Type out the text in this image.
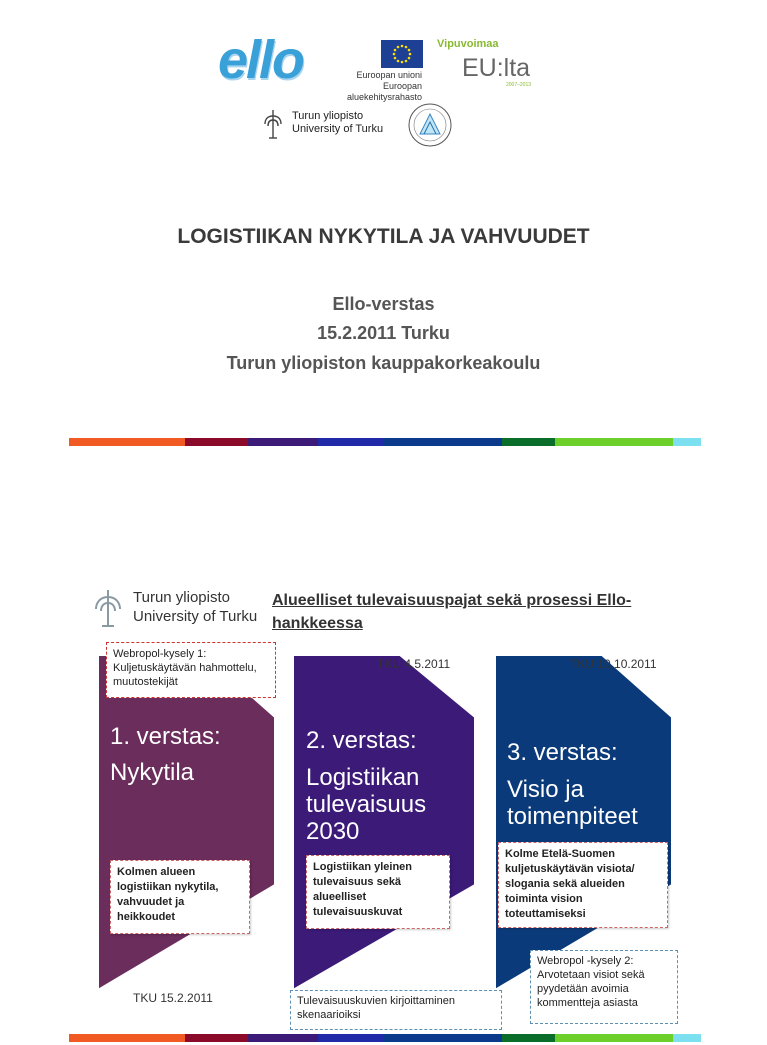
ello	Euroopan unioni
Euroopan aluekehitysrahasto
Vipuvoimaa
EU:lta
2007–2013
Turun yliopisto
University of Turku
LOGISTIIKAN NYKYTILA JA VAHVUUDET
Ello-verstas
15.2.2011 Turku
Turun yliopiston kauppakorkeakoulu
Turun yliopisto
University of Turku
Alueelliset tulevaisuuspajat sekä prosessi Ello-hankkeessa
1. verstas:
Nykytila
2. verstas:
Logistiikan tulevaisuus 2030
3. verstas:
Visio ja toimenpiteet
TKU 4.5.2011	TKU 10.10.2011
TKU 15.2.2011
Webropol-kysely 1: Kuljetuskäytävän hahmottelu, muutostekijät
Kolmen alueen logistiikan nykytila, vahvuudet ja heikkoudet
Logistiikan yleinen tulevaisuus sekä alueelliset tulevaisuuskuvat
Kolme Etelä-Suomen kuljetuskäytävän visiota/ slogania sekä alueiden toiminta vision toteuttamiseksi
Tulevaisuuskuvien kirjoittaminen skenaarioiksi
Webropol -kysely 2: Arvotetaan visiot sekä pyydetään avoimia kommentteja asiasta
